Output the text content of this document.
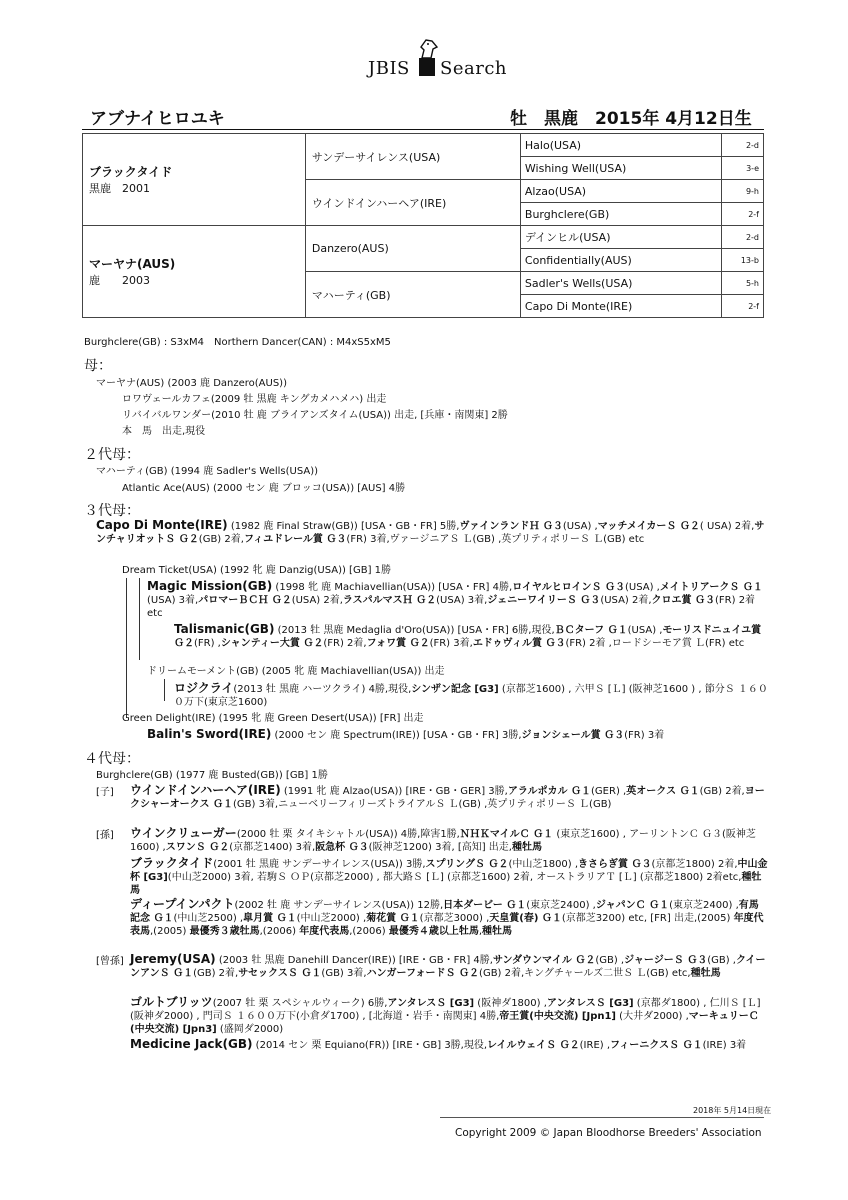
JBIS Search
アブナイヒロユキ	牡　黒鹿　2015年 4月12日生
ブラックタイド
黒鹿　2001	サンデーサイレンス(USA)	Halo(USA)	2-d
		Wishing Well(USA)	3-e
	ウインドインハーヘア(IRE)	Alzao(USA)	9-h
		Burghclere(GB)	2-f

マーヤナ(AUS)
鹿　　2003	Danzero(AUS)	デインヒル(USA)	2-d
		Confidentially(AUS)	13-b
	マハーティ(GB)	Sadler's Wells(USA)	5-h
		Capo Di Monte(IRE)	2-f
Burghclere(GB) : S3xM4　Northern Dancer(CAN) : M4xS5xM5
母：
マーヤナ(AUS) (2003 鹿 Danzero(AUS))
ロワヴェールカフェ(2009 牡 黒鹿 キングカメハメハ) 出走
リバイバルワンダー(2010 牡 鹿 ブライアンズタイム(USA)) 出走, [兵庫・南関東] 2勝
本　馬　出走,現役
２代母：
マハーティ(GB) (1994 鹿 Sadler's Wells(USA))
Atlantic Ace(AUS) (2000 セン 鹿 ブロッコ(USA)) [AUS] 4勝
３代母：
Capo Di Monte(IRE) (1982 鹿 Final Straw(GB)) [USA・GB・FR] 5勝,ヴァインランドＨ Ｇ３(USA) ,マッチメイカーＳ Ｇ２( USA) 2着,サンチャリオットＳ Ｇ２(GB) 2着,フィユドレール賞 Ｇ３(FR) 3着,ヴァージニアＳ Ｌ(GB) ,英プリティポリーＳ Ｌ(GB) etc
Dream Ticket(USA) (1992 牝 鹿 Danzig(USA)) [GB] 1勝
Magic Mission(GB) (1998 牝 鹿 Machiavellian(USA)) [USA・FR] 4勝,ロイヤルヒロインＳ Ｇ３(USA) ,メイトリアークＳ Ｇ１(USA) 3着,パロマーＢＣＨ Ｇ２(USA) 2着,ラスパルマスＨ Ｇ２(USA) 3着,ジェニーワイリーＳ Ｇ３(USA) 2着,クロエ賞 Ｇ３(FR) 2着etc
Talismanic(GB) (2013 牡 黒鹿 Medaglia d'Oro(USA)) [USA・FR] 6勝,現役,ＢＣターフ Ｇ１(USA) ,モーリスドニュイユ賞 Ｇ２(FR) ,シャンティー大賞 Ｇ２(FR) 2着,フォワ賞 Ｇ２(FR) 3着,エドゥヴィル賞 Ｇ３(FR) 2着 ,ロードシーモア賞 Ｌ(FR) etc
ドリームモーメント(GB) (2005 牝 鹿 Machiavellian(USA)) 出走
ロジクライ(2013 牡 黒鹿 ハーツクライ) 4勝,現役,シンザン記念 [G3] (京都芝1600) , 六甲Ｓ [Ｌ] (阪神芝1600 ) , 節分Ｓ １６００万下(東京芝1600)
Green Delight(IRE) (1995 牝 鹿 Green Desert(USA)) [FR] 出走
Balin's Sword(IRE) (2000 セン 鹿 Spectrum(IRE)) [USA・GB・FR] 3勝,ジョンシェール賞 Ｇ３(FR) 3着
４代母：
Burghclere(GB) (1977 鹿 Busted(GB)) [GB] 1勝
[子] ウインドインハーヘア(IRE) (1991 牝 鹿 Alzao(USA)) [IRE・GB・GER] 3勝,アラルポカル Ｇ１(GER) ,英オークス Ｇ１(GB) 2着,ヨークシャーオークス Ｇ１(GB) 3着,ニューベリーフィリーズトライアルＳ Ｌ(GB) ,英プリティポリーＳ Ｌ(GB)
[孫] ウインクリューガー(2000 牡 栗 タイキシャトル(USA)) 4勝,障害1勝,ＮＨＫマイルＣ Ｇ１ (東京芝1600) , アーリントンＣ Ｇ３(阪神芝1600) ,スワンＳ Ｇ２(京都芝1400) 3着,阪急杯 Ｇ３(阪神芝1200) 3着, [高知] 出走,種牡馬
ブラックタイド(2001 牡 黒鹿 サンデーサイレンス(USA)) 3勝,スプリングＳ Ｇ２(中山芝1800) ,きさらぎ賞 Ｇ３(京都芝1800) 2着,中山金杯 [G3](中山芝2000) 3着, 若駒Ｓ ＯＰ(京都芝2000) , 都大路Ｓ [Ｌ] (京都芝1600) 2着, オーストラリアＴ [Ｌ] (京都芝1800) 2着etc,種牡馬
ディープインパクト(2002 牡 鹿 サンデーサイレンス(USA)) 12勝,日本ダービー Ｇ１(東京芝2400) ,ジャパンＣ Ｇ１(東京芝2400) ,有馬記念 Ｇ１(中山芝2500) ,皐月賞 Ｇ１(中山芝2000) ,菊花賞 Ｇ１(京都芝3000) ,天皇賞(春) Ｇ１(京都芝3200) etc, [FR] 出走,(2005) 年度代表馬,(2005) 最優秀３歳牡馬,(2006) 年度代表馬,(2006) 最優秀４歳以上牡馬,種牡馬
[曾孫] Jeremy(USA) (2003 牡 黒鹿 Danehill Dancer(IRE)) [IRE・GB・FR] 4勝,サンダウンマイル Ｇ２(GB) ,ジャージーＳ Ｇ３(GB) ,クイーンアンＳ Ｇ１(GB) 2着,サセックスＳ Ｇ１(GB) 3着,ハンガーフォードＳ Ｇ２(GB) 2着,キングチャールズ二世Ｓ Ｌ(GB) etc,種牡馬
ゴルトブリッツ(2007 牡 栗 スペシャルウィーク) 6勝,アンタレスＳ [G3] (阪神ダ1800) ,アンタレスＳ [G3] (京都ダ1800) , 仁川Ｓ [Ｌ] (阪神ダ2000) , 門司Ｓ １６００万下(小倉ダ1700) , [北海道・岩手・南関東] 4勝,帝王賞(中央交流) [Jpn1] (大井ダ2000) ,マーキュリーＣ(中央交流) [Jpn3] (盛岡ダ2000)
Medicine Jack(GB) (2014 セン 栗 Equiano(FR)) [IRE・GB] 3勝,現役,レイルウェイＳ Ｇ２(IRE) ,フィーニクスＳ Ｇ１(IRE) 3着
2018年 5月14日現在
Copyright 2009 © Japan Bloodhorse Breeders' Association
